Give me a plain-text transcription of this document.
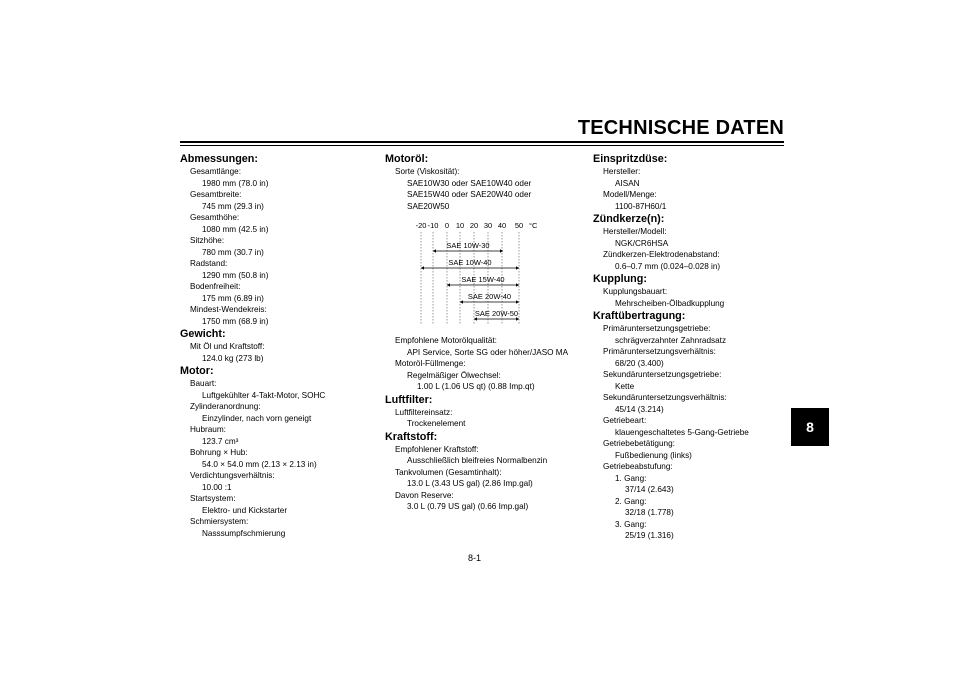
TECHNISCHE DATEN
8
Abmessungen:
Gesamtlänge:
1980 mm (78.0 in)
Gesamtbreite:
745 mm (29.3 in)
Gesamthöhe:
1080 mm (42.5 in)
Sitzhöhe:
780 mm (30.7 in)
Radstand:
1290 mm (50.8 in)
Bodenfreiheit:
175 mm (6.89 in)
Mindest-Wendekreis:
1750 mm (68.9 in)
Gewicht:
Mit Öl und Kraftstoff:
124.0 kg (273 lb)
Motor:
Bauart:
Luftgekühlter 4-Takt-Motor, SOHC
Zylinderanordnung:
Einzylinder, nach vorn geneigt
Hubraum:
123.7 cm³
Bohrung × Hub:
54.0 × 54.0 mm (2.13 × 2.13 in)
Verdichtungsverhältnis:
10.00 :1
Startsystem:
Elektro- und Kickstarter
Schmiersystem:
Nasssumpfschmierung
Motoröl:
Sorte (Viskosität):
SAE10W30 oder SAE10W40 oder
SAE15W40 oder SAE20W40 oder
SAE20W50
-20 -10 0 10 20 30 40 50 °C
SAE 10W-30
SAE 10W-40
SAE 15W-40
SAE 20W-40
SAE 20W-50
Empfohlene Motorölqualität:
API Service, Sorte SG oder höher/JASO MA
Motoröl-Füllmenge:
Regelmäßiger Ölwechsel:
1.00 L (1.06 US qt) (0.88 Imp.qt)
Luftfilter:
Luftfiltereinsatz:
Trockenelement
Kraftstoff:
Empfohlener Kraftstoff:
Ausschließlich bleifreies Normalbenzin
Tankvolumen (Gesamtinhalt):
13.0 L (3.43 US gal) (2.86 Imp.gal)
Davon Reserve:
3.0 L (0.79 US gal) (0.66 Imp.gal)
Einspritzdüse:
Hersteller:
AISAN
Modell/Menge:
1100-87H60/1
Zündkerze(n):
Hersteller/Modell:
NGK/CR6HSA
Zündkerzen-Elektrodenabstand:
0.6–0.7 mm (0.024–0.028 in)
Kupplung:
Kupplungsbauart:
Mehrscheiben-Ölbadkupplung
Kraftübertragung:
Primäruntersetzungsgetriebe:
schrägverzahnter Zahnradsatz
Primäruntersetzungsverhältnis:
68/20 (3.400)
Sekundäruntersetzungsgetriebe:
Kette
Sekundäruntersetzungsverhältnis:
45/14 (3.214)
Getriebeart:
klauengeschaltetes 5-Gang-Getriebe
Getriebebetätigung:
Fußbedienung (links)
Getriebeabstufung:
1. Gang:
37/14 (2.643)
2. Gang:
32/18 (1.778)
3. Gang:
25/19 (1.316)
8-1
